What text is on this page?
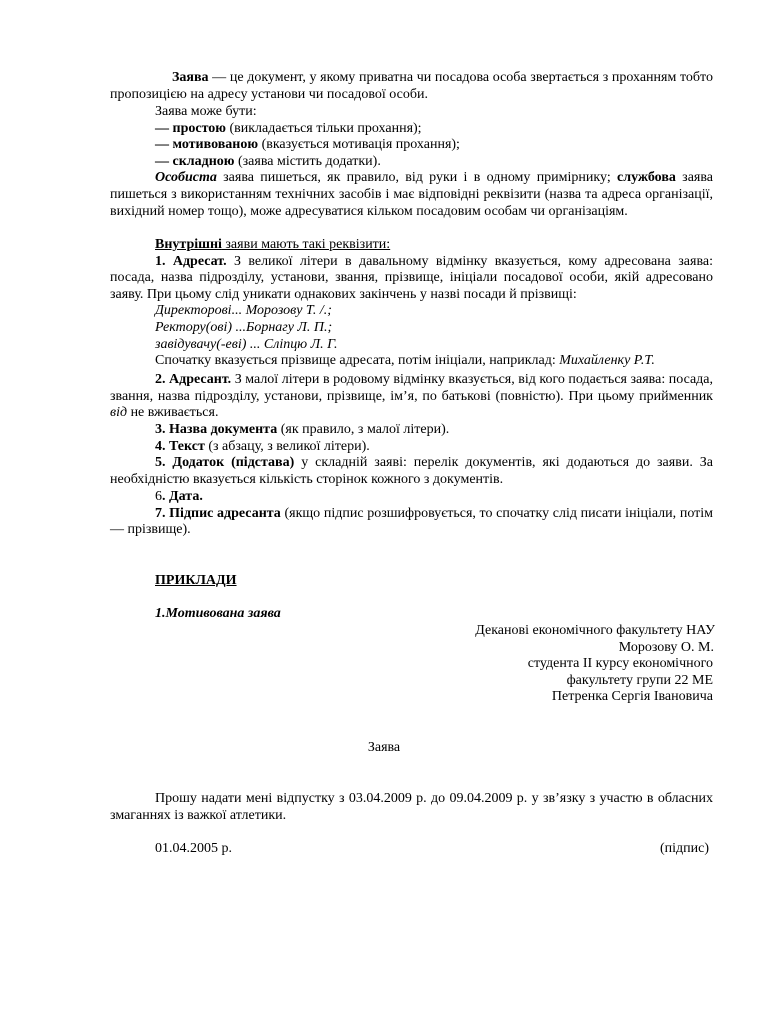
Заява — це документ, у якому приватна чи посадова особа звертається з проханням тобто пропозицією на адресу установи чи посадової особи.
Заява може бути:
— простою (викладається тільки прохання);
— мотивованою (вказується мотивація прохання);
— складною (заява містить додатки).
Особиста заява пишеться, як правило, від руки і в одному примірнику; службова заява пишеться з використанням технічних засобів і має відповідні реквізити (назва та адреса організації, вихідний номер тощо), може адресуватися кільком посадовим особам чи організаціям.
Внутрішні заяви мають такі реквізити:
1. Адресат. З великої літери в давальному відмінку вказується, кому адресована заява: посада, назва підрозділу, установи, звання, прізвище, ініціали посадової особи, якій адресовано заяву. При цьому слід уникати однакових закінчень у назві посади й прізвищі:
Директорові... Морозову Т. /.;
Ректору(ові) ...Борнагу Л. П.;
завідувачу(-еві) ... Сліпцю Л. Г.
Спочатку вказується прізвище адресата, потім ініціали, наприклад: Михайленку Р.Т.
2. Адресант. З малої літери в родовому відмінку вказується, від кого подається заява: посада, звання, назва підрозділу, установи, прізвище, ім’я, по батькові (повністю). При цьому прийменник від не вживається.
3. Назва документа (як правило, з малої літери).
4. Текст (з абзацу, з великої літери).
5. Додаток (підстава) у складній заяві: перелік документів, які додаються до заяви. За необхідністю вказується кількість сторінок кожного з документів.
6. Дата.
7. Підпис адресанта (якщо підпис розшифровується, то спочатку слід писати ініціали, потім — прізвище).
ПРИКЛАДИ
1.Мотивована заява
Деканові економічного факультету НАУ
Морозову О. М.
студента ІІ курсу економічного
факультету групи 22 МЕ
Петренка Сергія Івановича
Заява
Прошу надати мені відпустку з 03.04.2009 р. до 09.04.2009 р. у зв’язку з участю в обласних змаганнях із важкої атлетики.
01.04.2005 р.	(підпис)
